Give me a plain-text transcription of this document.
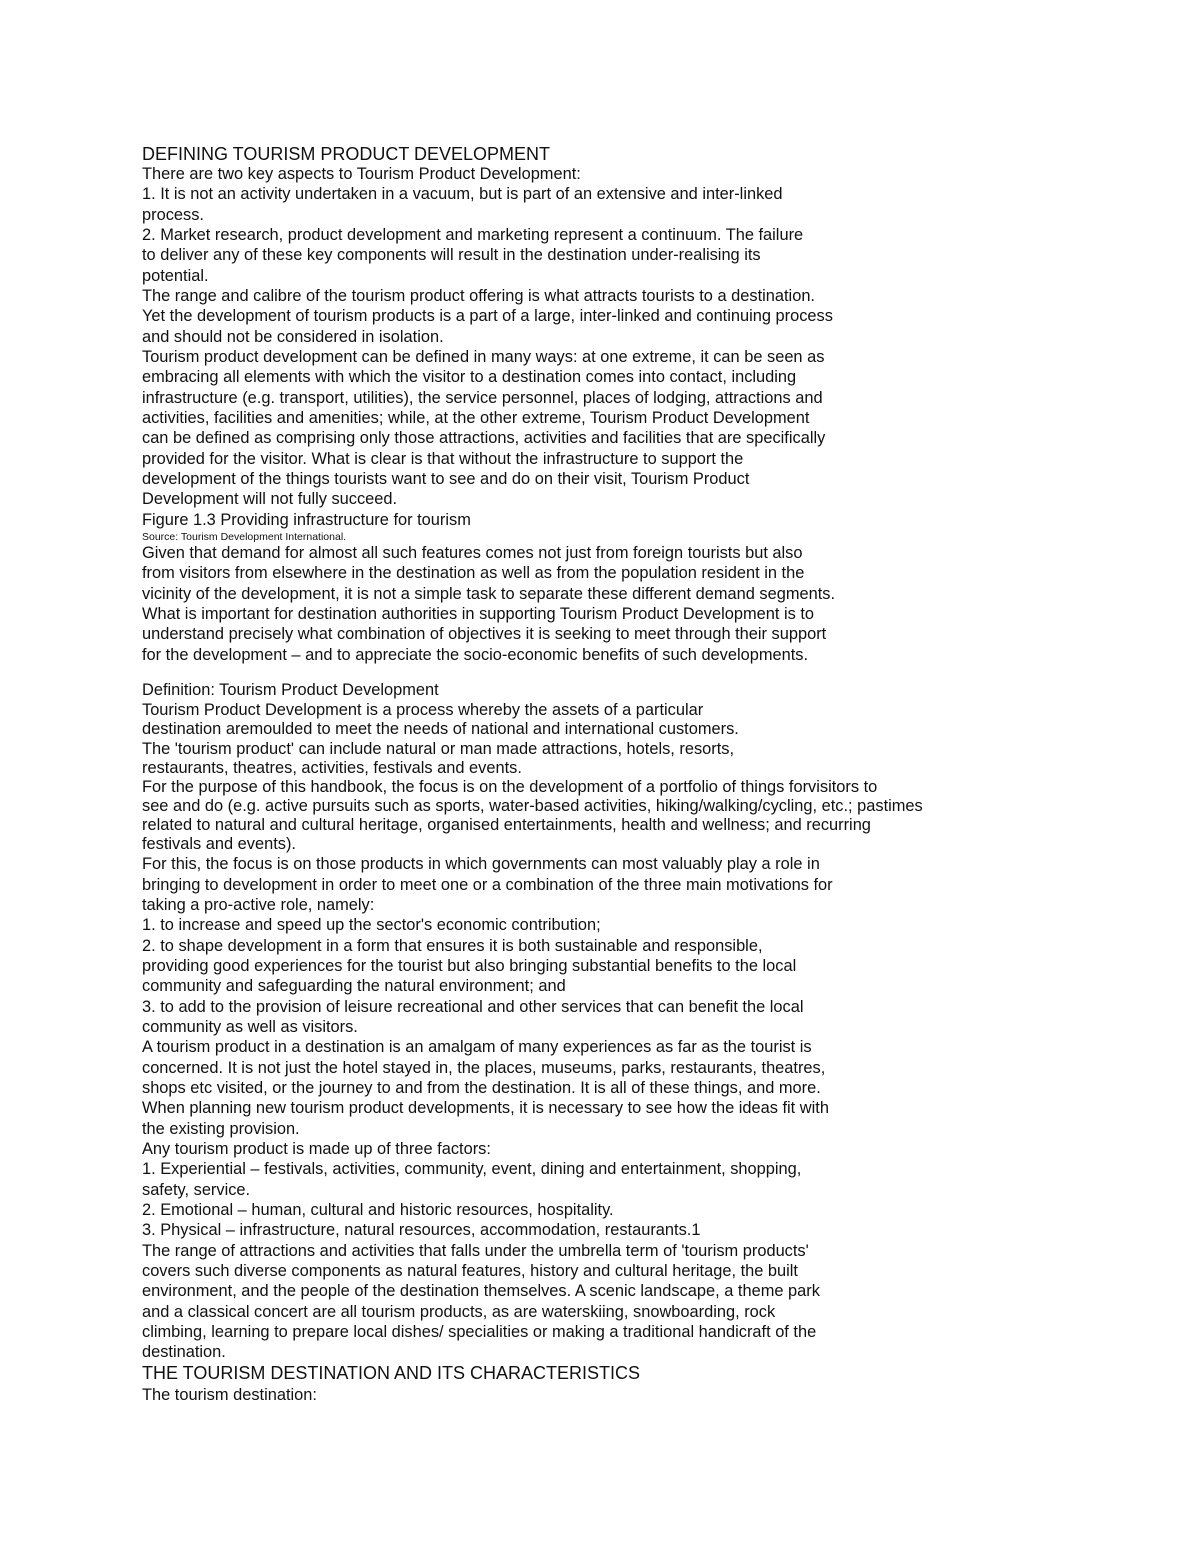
DEFINING TOURISM PRODUCT DEVELOPMENT

There are two key aspects to Tourism Product Development:

1. It is not an activity undertaken in a vacuum, but is part of an extensive and inter-linked

process.

2. Market research, product development and marketing represent a continuum. The failure

to deliver any of these key components will result in the destination under-realising its

potential.

The range and calibre of the tourism product offering is what attracts tourists to a destination.

Yet the development of tourism products is a part of a large, inter-linked and continuing process

and should not be considered in isolation.

Tourism product development can be defined in many ways: at one extreme, it can be seen as

embracing all elements with which the visitor to a destination comes into contact, including

infrastructure (e.g. transport, utilities), the service personnel, places of lodging, attractions and

activities, facilities and amenities; while, at the other extreme, Tourism Product Development

can be defined as comprising only those attractions, activities and facilities that are specifically

provided for the visitor. What is clear is that without the infrastructure to support the

development of the things tourists want to see and do on their visit, Tourism Product

Development will not fully succeed.

Figure 1.3 Providing infrastructure for tourism

Source: Tourism Development International.

Given that demand for almost all such features comes not just from foreign tourists but also

from visitors from elsewhere in the destination as well as from the population resident in the

vicinity of the development, it is not a simple task to separate these different demand segments.

What is important for destination authorities in supporting Tourism Product Development is to

understand precisely what combination of objectives it is seeking to meet through their support

for the development – and to appreciate the socio-economic benefits of such developments.

Definition: Tourism Product Development

Tourism Product Development is a process whereby the assets of a particular

destination aremoulded to meet the needs of national and international customers.

The 'tourism product' can include natural or man made attractions, hotels, resorts,

restaurants, theatres, activities, festivals and events.

For the purpose of this handbook, the focus is on the development of a portfolio of things forvisitors to

see and do (e.g. active pursuits such as sports, water-based activities, hiking/walking/cycling, etc.; pastimes

related to natural and cultural heritage, organised entertainments, health and wellness; and recurring

festivals and events).

For this, the focus is on those products in which governments can most valuably play a role in

bringing to development in order to meet one or a combination of the three main motivations for

taking a pro-active role, namely:

1. to increase and speed up the sector's economic contribution;

2. to shape development in a form that ensures it is both sustainable and responsible,

providing good experiences for the tourist but also bringing substantial benefits to the local

community and safeguarding the natural environment; and

3. to add to the provision of leisure recreational and other services that can benefit the local

community as well as visitors.

A tourism product in a destination is an amalgam of many experiences as far as the tourist is

concerned. It is not just the hotel stayed in, the places, museums, parks, restaurants, theatres,

shops etc visited, or the journey to and from the destination. It is all of these things, and more.

When planning new tourism product developments, it is necessary to see how the ideas fit with

the existing provision.

Any tourism product is made up of three factors:

1. Experiential – festivals, activities, community, event, dining and entertainment, shopping,

safety, service.

2. Emotional – human, cultural and historic resources, hospitality.

3. Physical – infrastructure, natural resources, accommodation, restaurants.1

The range of attractions and activities that falls under the umbrella term of 'tourism products'

covers such diverse components as natural features, history and cultural heritage, the built

environment, and the people of the destination themselves. A scenic landscape, a theme park

and a classical concert are all tourism products, as are waterskiing, snowboarding, rock

climbing, learning to prepare local dishes/ specialities or making a traditional handicraft of the

destination.

THE TOURISM DESTINATION AND ITS CHARACTERISTICS

The tourism destination:
